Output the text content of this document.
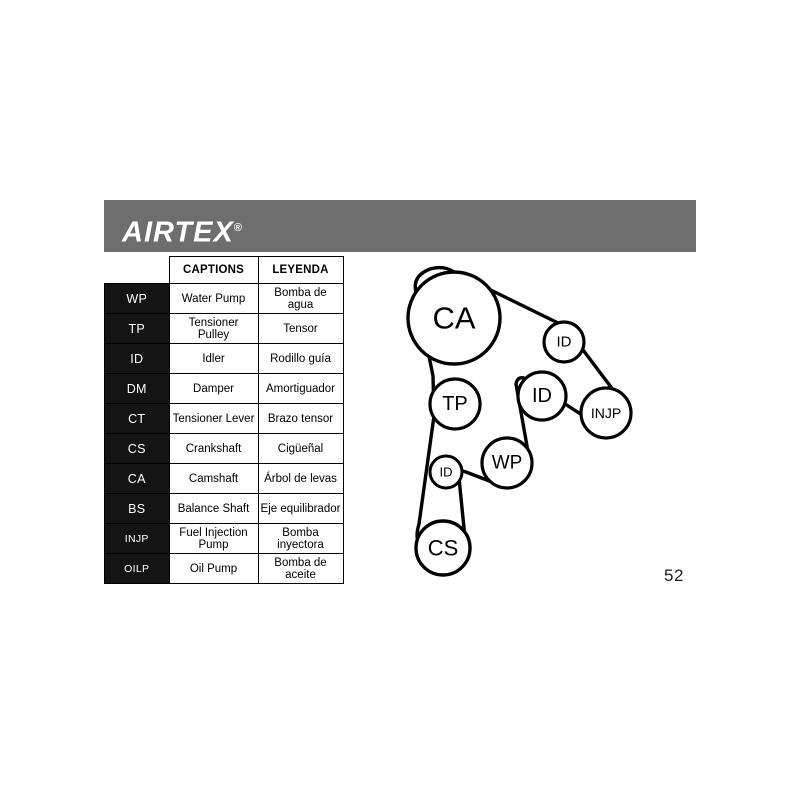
AIRTEX®
	CAPTIONS	LEYENDA
WP	Water Pump	Bomba de agua
TP	Tensioner Pulley	Tensor
ID	Idler	Rodillo guía
DM	Damper	Amortiguador
CT	Tensioner Lever	Brazo tensor
CS	Crankshaft	Cigüeñal
CA	Camshaft	Árbol de levas
BS	Balance Shaft	Eje equilibrador
INJP	Fuel Injection Pump	Bomba inyectora
OILP	Oil Pump	Bomba de aceite
CA
ID
ID
INJP
TP
WP
ID
CS
52
